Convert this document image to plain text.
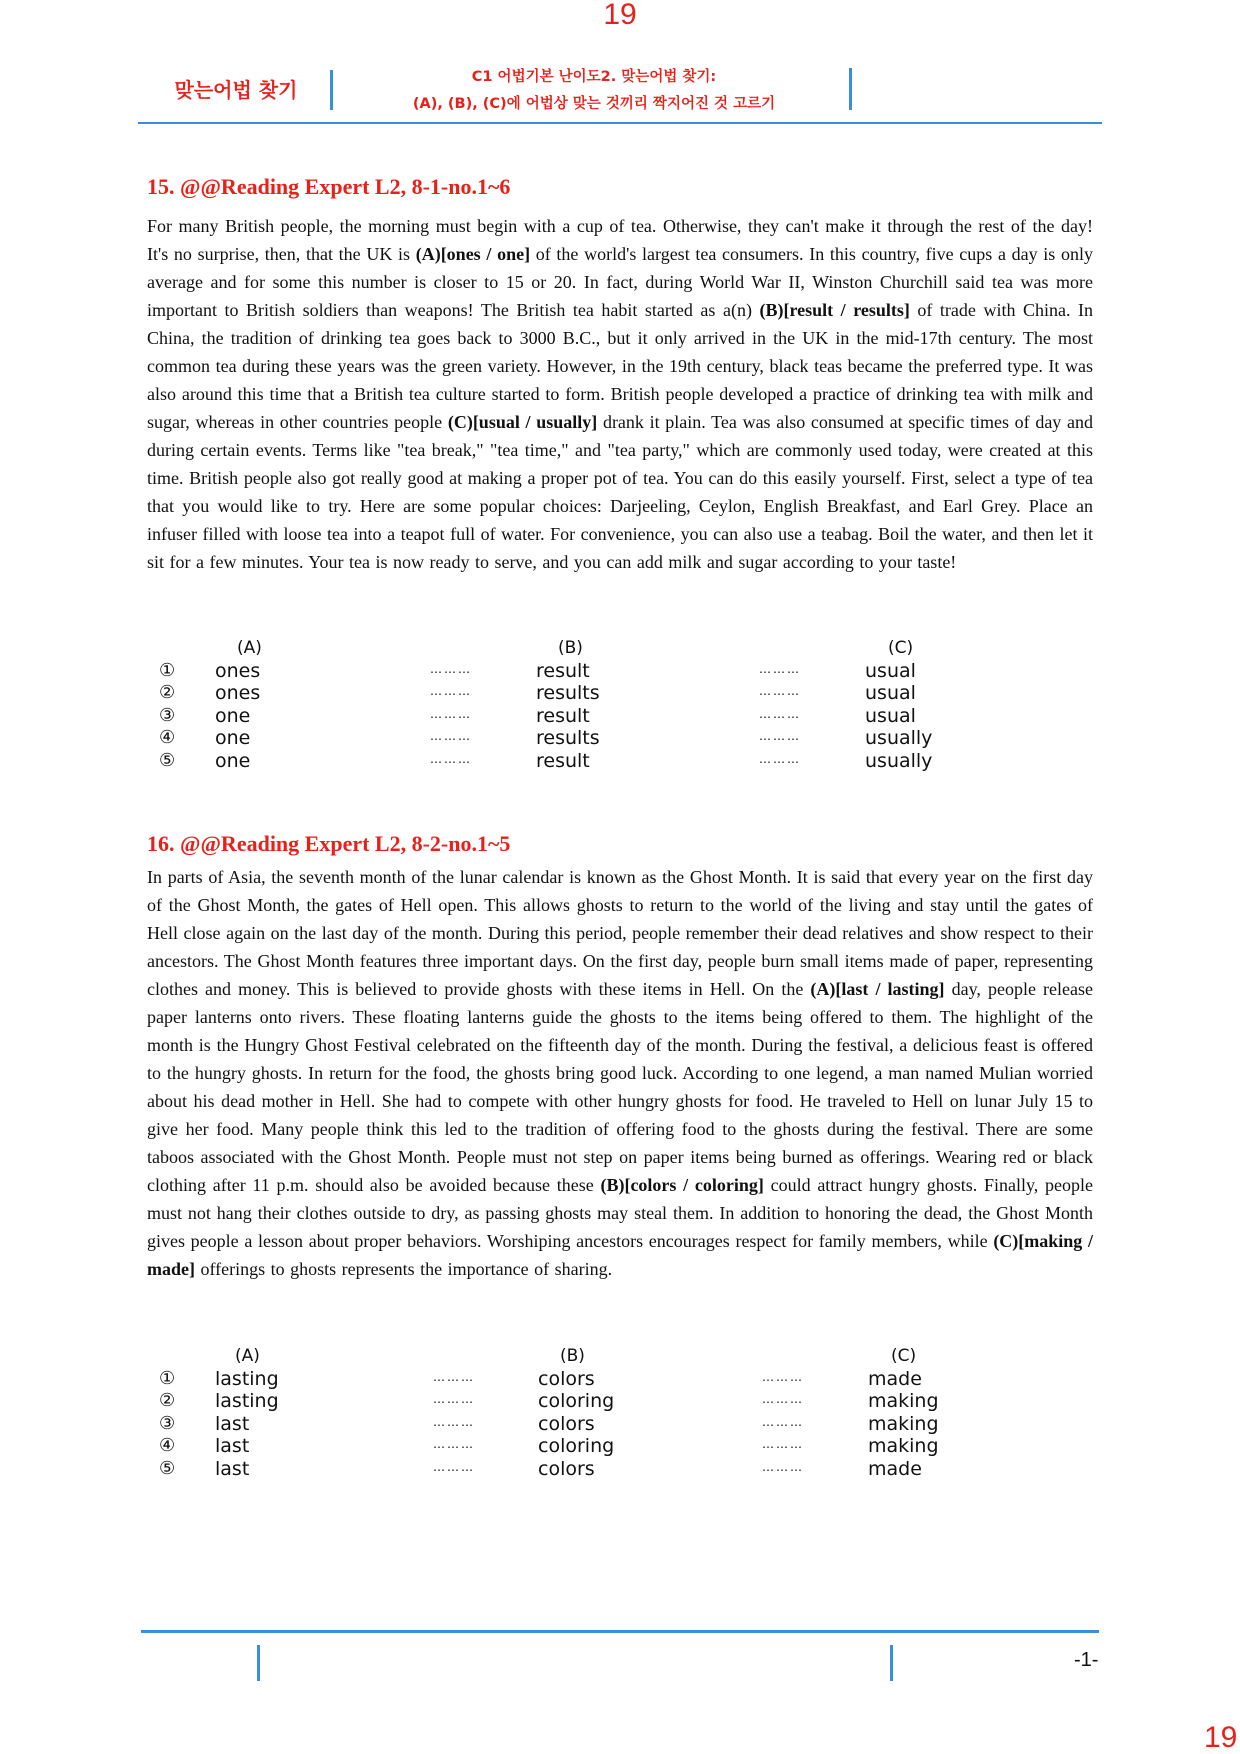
19
맞는어법 찾기
C1 어법기본 난이도2. 맞는어법 찾기:
(A), (B), (C)에 어법상 맞는 것끼리 짝지어진 것 고르기
15. @@Reading Expert L2, 8-1-no.1~6
For many British people, the morning must begin with a cup of tea. Otherwise, they can't make it through the rest of the day! It's no surprise, then, that the UK is (A)[ones / one] of the world's largest tea consumers. In this country, five cups a day is only average and for some this number is closer to 15 or 20. In fact, during World War II, Winston Churchill said tea was more important to British soldiers than weapons! The British tea habit started as a(n) (B)[result / results] of trade with China. In China, the tradition of drinking tea goes back to 3000 B.C., but it only arrived in the UK in the mid-17th century. The most common tea during these years was the green variety. However, in the 19th century, black teas became the preferred type. It was also around this time that a British tea culture started to form. British people developed a practice of drinking tea with milk and sugar, whereas in other countries people (C)[usual / usually] drank it plain. Tea was also consumed at specific times of day and during certain events. Terms like "tea break," "tea time," and "tea party," which are commonly used today, were created at this time. British people also got really good at making a proper pot of tea. You can do this easily yourself. First, select a type of tea that you would like to try. Here are some popular choices: Darjeeling, Ceylon, English Breakfast, and Earl Grey. Place an infuser filled with loose tea into a teapot full of water. For convenience, you can also use a teabag. Boil the water, and then let it sit for a few minutes. Your tea is now ready to serve, and you can add milk and sugar according to your taste!
(A)	(B)	(C)
① ones	………	result	………	usual
② ones	………	results	………	usual
③ one	………	result	………	usual
④ one	………	results	………	usually
⑤ one	………	result	………	usually
16. @@Reading Expert L2, 8-2-no.1~5
In parts of Asia, the seventh month of the lunar calendar is known as the Ghost Month. It is said that every year on the first day of the Ghost Month, the gates of Hell open. This allows ghosts to return to the world of the living and stay until the gates of Hell close again on the last day of the month. During this period, people remember their dead relatives and show respect to their ancestors. The Ghost Month features three important days. On the first day, people burn small items made of paper, representing clothes and money. This is believed to provide ghosts with these items in Hell. On the (A)[last / lasting] day, people release paper lanterns onto rivers. These floating lanterns guide the ghosts to the items being offered to them. The highlight of the month is the Hungry Ghost Festival celebrated on the fifteenth day of the month. During the festival, a delicious feast is offered to the hungry ghosts. In return for the food, the ghosts bring good luck. According to one legend, a man named Mulian worried about his dead mother in Hell. She had to compete with other hungry ghosts for food. He traveled to Hell on lunar July 15 to give her food. Many people think this led to the tradition of offering food to the ghosts during the festival. There are some taboos associated with the Ghost Month. People must not step on paper items being burned as offerings. Wearing red or black clothing after 11 p.m. should also be avoided because these (B)[colors / coloring] could attract hungry ghosts. Finally, people must not hang their clothes outside to dry, as passing ghosts may steal them. In addition to honoring the dead, the Ghost Month gives people a lesson about proper behaviors. Worshiping ancestors encourages respect for family members, while (C)[making / made] offerings to ghosts represents the importance of sharing.
(A)	(B)	(C)
① lasting	………	colors	………	made
② lasting	………	coloring	………	making
③ last	………	colors	………	making
④ last	………	coloring	………	making
⑤ last	………	colors	………	made
-1-
19
